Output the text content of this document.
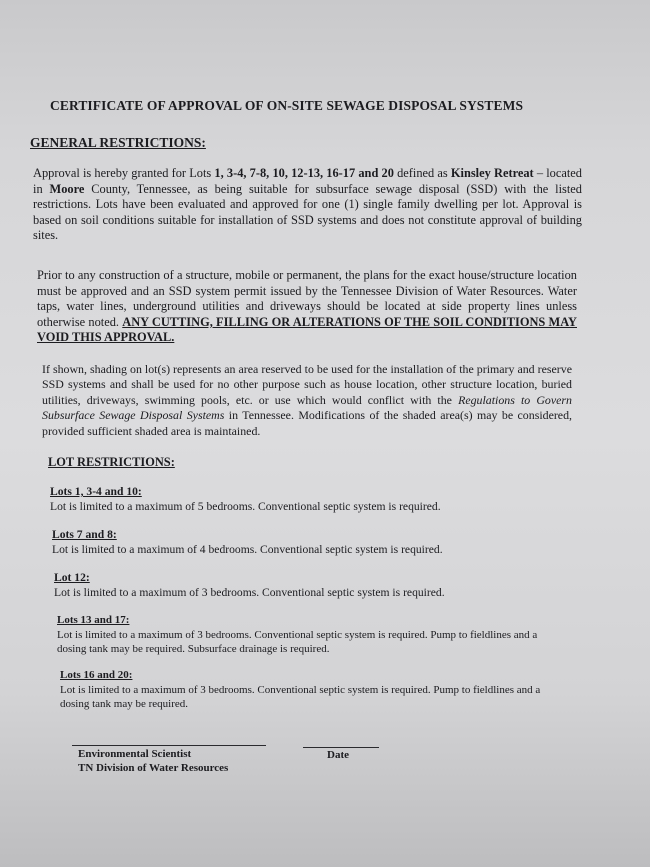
CERTIFICATE OF APPROVAL OF ON-SITE SEWAGE DISPOSAL SYSTEMS
GENERAL RESTRICTIONS:
Approval is hereby granted for Lots 1, 3-4, 7-8, 10, 12-13, 16-17 and 20 defined as Kinsley Retreat – located in Moore County, Tennessee, as being suitable for subsurface sewage disposal (SSD) with the listed restrictions. Lots have been evaluated and approved for one (1) single family dwelling per lot. Approval is based on soil conditions suitable for installation of SSD systems and does not constitute approval of building sites.
Prior to any construction of a structure, mobile or permanent, the plans for the exact house/structure location must be approved and an SSD system permit issued by the Tennessee Division of Water Resources. Water taps, water lines, underground utilities and driveways should be located at side property lines unless otherwise noted. ANY CUTTING, FILLING OR ALTERATIONS OF THE SOIL CONDITIONS MAY VOID THIS APPROVAL.
If shown, shading on lot(s) represents an area reserved to be used for the installation of the primary and reserve SSD systems and shall be used for no other purpose such as house location, other structure location, buried utilities, driveways, swimming pools, etc. or use which would conflict with the Regulations to Govern Subsurface Sewage Disposal Systems in Tennessee. Modifications of the shaded area(s) may be considered, provided sufficient shaded area is maintained.
LOT RESTRICTIONS:
Lots 1, 3-4 and 10:
Lot is limited to a maximum of 5 bedrooms. Conventional septic system is required.
Lots 7 and 8:
Lot is limited to a maximum of 4 bedrooms. Conventional septic system is required.
Lot 12:
Lot is limited to a maximum of 3 bedrooms. Conventional septic system is required.
Lots 13 and 17:
Lot is limited to a maximum of 3 bedrooms. Conventional septic system is required. Pump to fieldlines and a dosing tank may be required. Subsurface drainage is required.
Lots 16 and 20:
Lot is limited to a maximum of 3 bedrooms. Conventional septic system is required. Pump to fieldlines and a dosing tank may be required.
Environmental Scientist
TN Division of Water Resources
Date
